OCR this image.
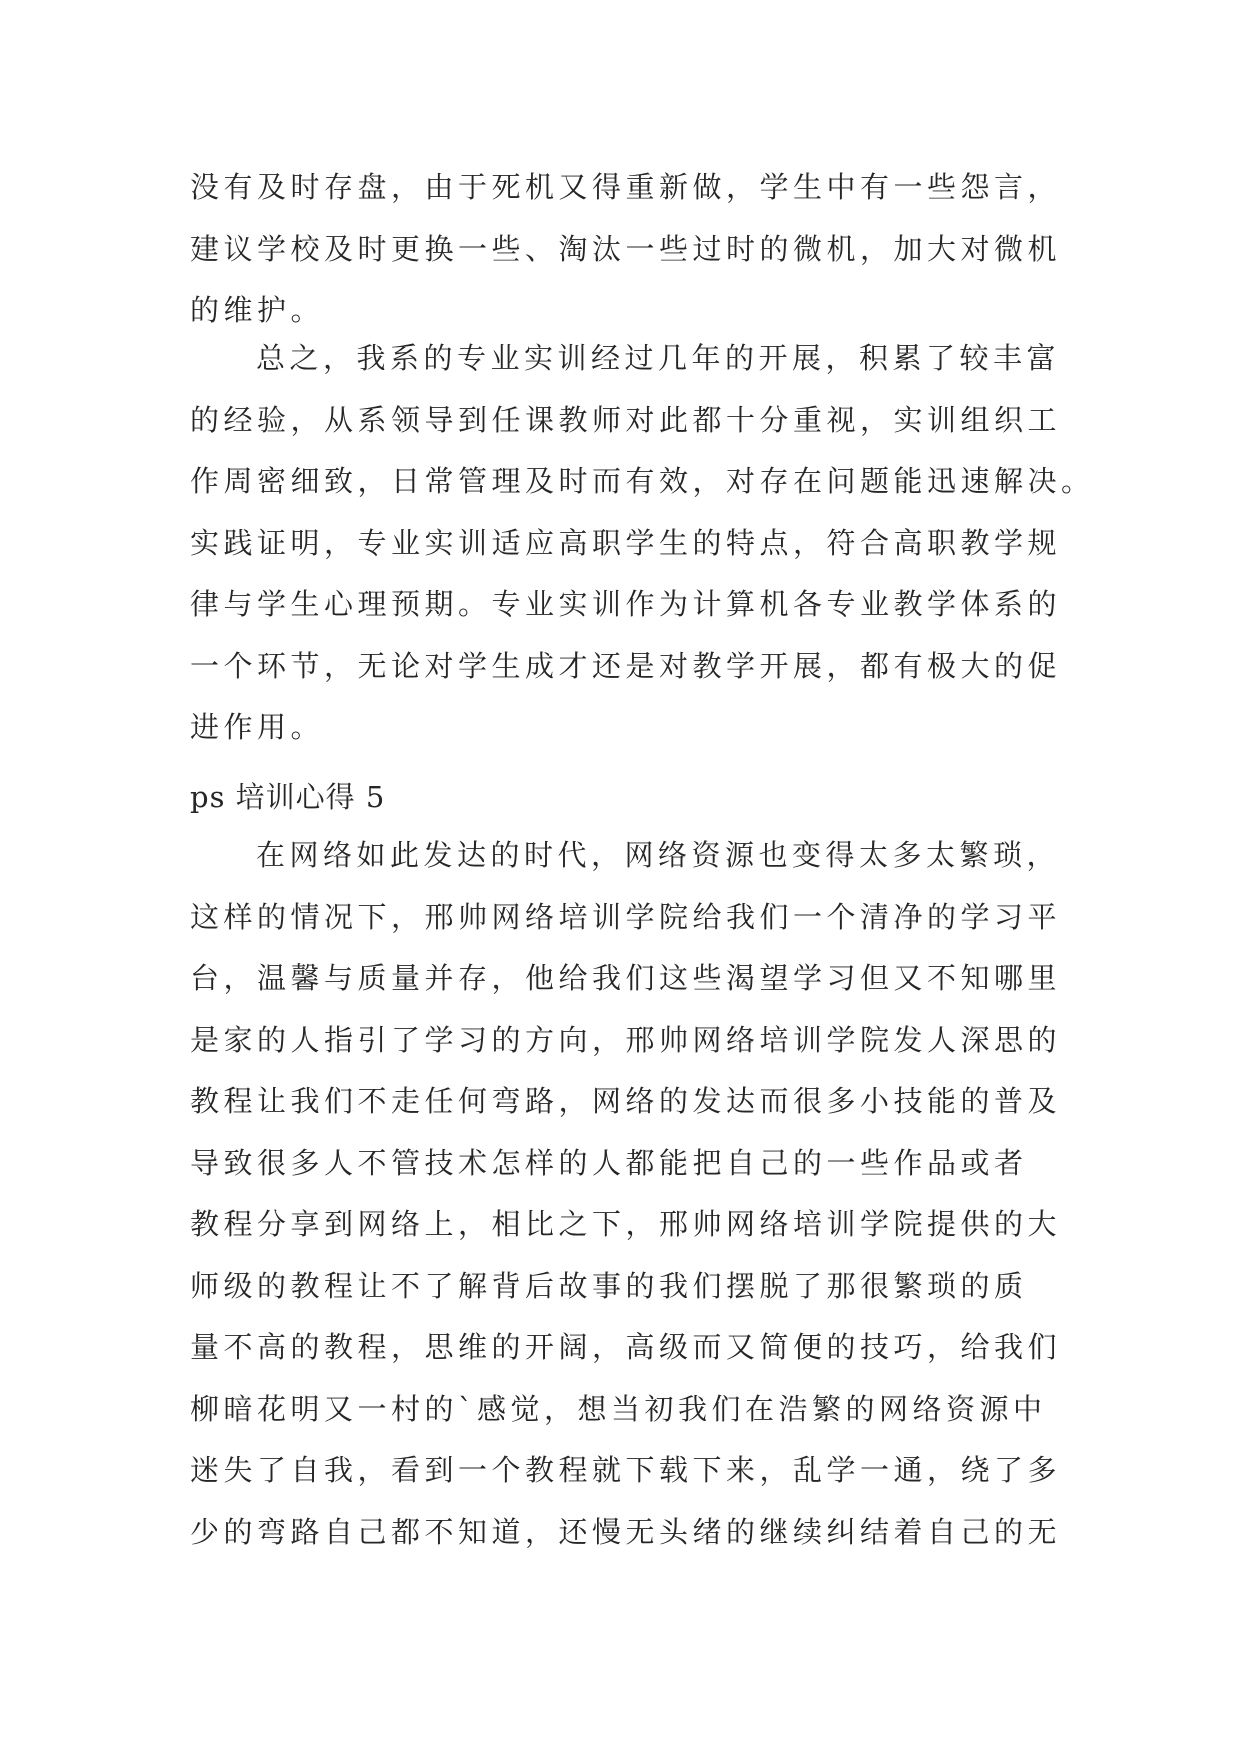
没有及时存盘，由于死机又得重新做，学生中有一些怨言，
建议学校及时更换一些、淘汰一些过时的微机，加大对微机
的维护。
总之，我系的专业实训经过几年的开展，积累了较丰富
的经验，从系领导到任课教师对此都十分重视，实训组织工
作周密细致，日常管理及时而有效，对存在问题能迅速解决。
实践证明，专业实训适应高职学生的特点，符合高职教学规
律与学生心理预期。专业实训作为计算机各专业教学体系的
一个环节，无论对学生成才还是对教学开展，都有极大的促
进作用。
ps 培训心得 5
在网络如此发达的时代，网络资源也变得太多太繁琐，
这样的情况下，邢帅网络培训学院给我们一个清净的学习平
台，温馨与质量并存，他给我们这些渴望学习但又不知哪里
是家的人指引了学习的方向，邢帅网络培训学院发人深思的
教程让我们不走任何弯路，网络的发达而很多小技能的普及
导致很多人不管技术怎样的人都能把自己的一些作品或者
教程分享到网络上，相比之下，邢帅网络培训学院提供的大
师级的教程让不了解背后故事的我们摆脱了那很繁琐的质
量不高的教程，思维的开阔，高级而又简便的技巧，给我们
柳暗花明又一村的`感觉，想当初我们在浩繁的网络资源中
迷失了自我，看到一个教程就下载下来，乱学一通，绕了多
少的弯路自己都不知道，还慢无头绪的继续纠结着自己的无
